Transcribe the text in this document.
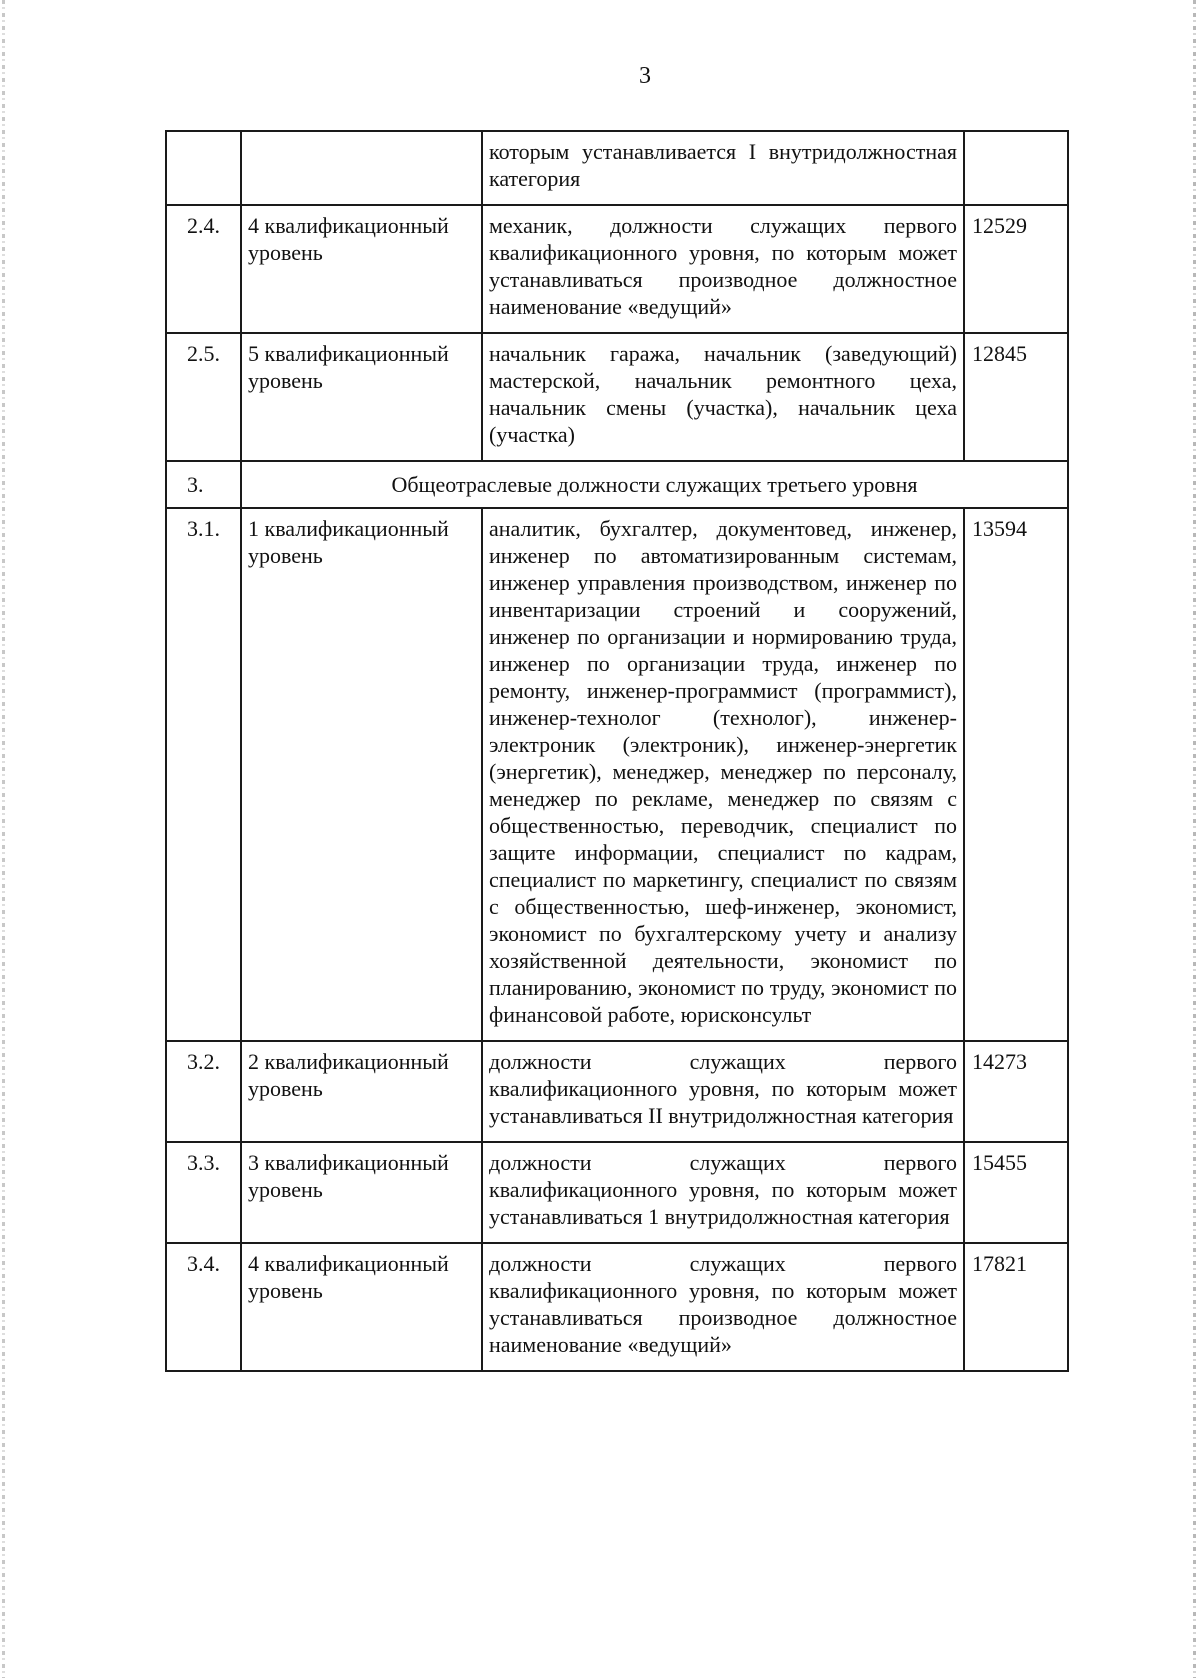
3
		которым устанавливается I внутридолжностная категория	
2.4.	4 квалификационный уровень	механик, должности служащих первого квалификационного уровня, по которым может устанавливаться производное должностное наименование «ведущий»	12529
2.5.	5 квалификационный уровень	начальник гаража, начальник (заведующий) мастерской, начальник ремонтного цеха, начальник смены (участка), начальник цеха (участка)	12845
3.	Общеотраслевые должности служащих третьего уровня		
3.1.	1 квалификационный уровень	аналитик, бухгалтер, документовед, инженер, инженер по автоматизированным системам, инженер управления производством, инженер по инвентаризации строений и сооружений, инженер по организации и нормированию труда, инженер по организации труда, инженер по ремонту, инженер-программист (программист), инженер-технолог (технолог), инженер-электроник (электроник), инженер-энергетик (энергетик), менеджер, менеджер по персоналу, менеджер по рекламе, менеджер по связям с общественностью, переводчик, специалист по защите информации, специалист по кадрам, специалист по маркетингу, специалист по связям с общественностью, шеф-инженер, экономист, экономист по бухгалтерскому учету и анализу хозяйственной деятельности, экономист по планированию, экономист по труду, экономист по финансовой работе, юрисконсульт	13594
3.2.	2 квалификационный уровень	должности служащих первого квалификационного уровня, по которым может устанавливаться II внутридолжностная категория	14273
3.3.	3 квалификационный уровень	должности служащих первого квалификационного уровня, по которым может устанавливаться 1 внутридолжностная категория	15455
3.4.	4 квалификационный уровень	должности служащих первого квалификационного уровня, по которым может устанавливаться производное должностное наименование «ведущий»	17821
